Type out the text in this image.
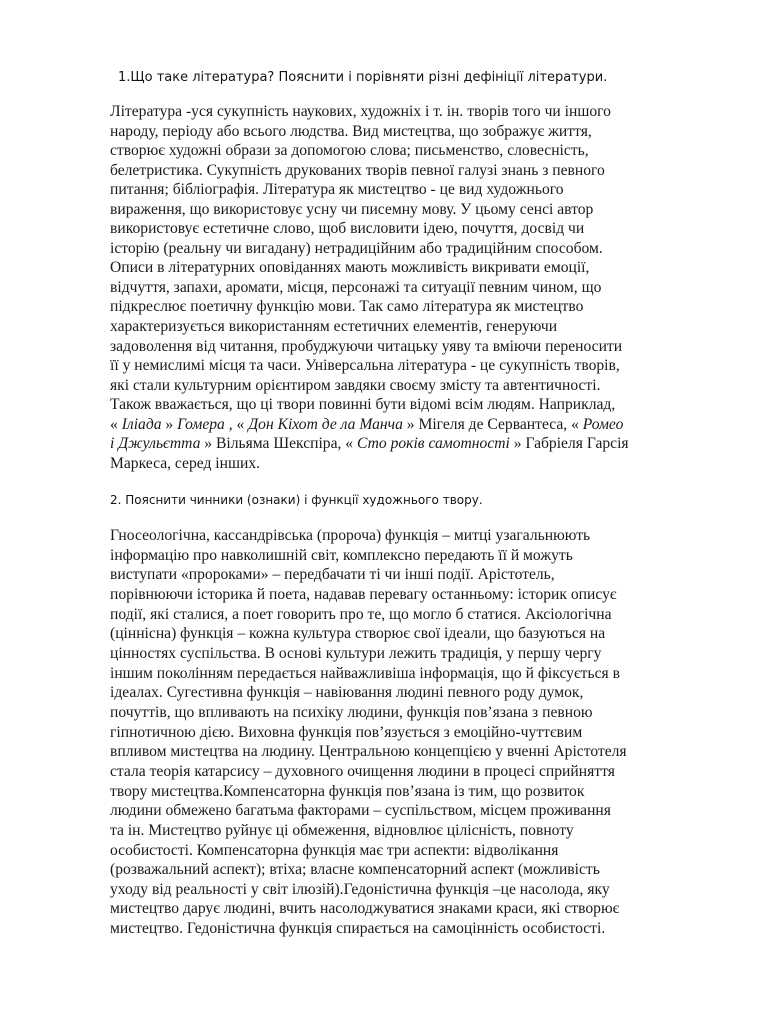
1.Що таке література? Пояснити і порівняти різні дефініції літератури.

Література -уся сукупність наукових, художніх і т. ін. творів того чи іншого
народу, періоду або всього людства. Вид мистецтва, що зображує життя,
створює художні образи за допомогою слова; письменство, словесність,
белетристика. Сукупність друкованих творів певної галузі знань з певного
питання; бібліографія. Література як мистецтво - це вид художнього
вираження, що використовує усну чи писемну мову. У цьому сенсі автор
використовує естетичне слово, щоб висловити ідею, почуття, досвід чи
історію (реальну чи вигадану) нетрадиційним або традиційним способом.
Описи в літературних оповіданнях мають можливість викривати емоції,
відчуття, запахи, аромати, місця, персонажі та ситуації певним чином, що
підкреслює поетичну функцію мови. Так само література як мистецтво
характеризується використанням естетичних елементів, генеруючи
задоволення від читання, пробуджуючи читацьку уяву та вміючи переносити
її у немислимі місця та часи. Універсальна література - це сукупність творів,
які стали культурним орієнтиром завдяки своєму змісту та автентичності.
Також вважається, що ці твори повинні бути відомі всім людям. Наприклад,
« Іліада » Гомера , « Дон Кіхот де ла Манча » Мігеля де Сервантеса, « Ромео
і Джульєтта » Вільяма Шекспіра, « Сто років самотності » Габріеля Гарсія
Маркеса, серед інших.

2. Пояснити чинники (ознаки) і функції художнього твору.

Гносеологічна, кассандрівська (пророча) функція – митці узагальнюють
інформацію про навколишній світ, комплексно передають її й можуть
виступати «пророками» – передбачати ті чи інші події. Арістотель,
порівнюючи історика й поета, надавав перевагу останньому: історик описує
події, які сталися, а поет говорить про те, що могло б статися. Аксіологічна
(ціннісна) функція – кожна культура створює свої ідеали, що базуються на
цінностях суспільства. В основі культури лежить традиція, у першу чергу
іншим поколінням передається найважливіша інформація, що й фіксується в
ідеалах. Сугестивна функція – навіювання людині певного роду думок,
почуттів, що впливають на психіку людини, функція пов’язана з певною
гіпнотичною дією. Виховна функція пов’язується з емоційно-чуттєвим
впливом мистецтва на людину. Центральною концепцією у вченні Арістотеля
стала теорія катарсису – духовного очищення людини в процесі сприйняття
твору мистецтва.Компенсаторна функція пов’язана із тим, що розвиток
людини обмежено багатьма факторами – суспільством, місцем проживання
та ін. Мистецтво руйнує ці обмеження, відновлює цілісність, повноту
особистості. Компенсаторна функція має три аспекти: відволікання
(розважальний аспект); втіха; власне компенсаторний аспект (можливість
уходу від реальності у світ ілюзій).Гедоністична функція –це насолода, яку
мистецтво дарує людині, вчить насолоджуватися знаками краси, які створює
мистецтво. Гедоністична функція спирається на самоцінність особистості.
